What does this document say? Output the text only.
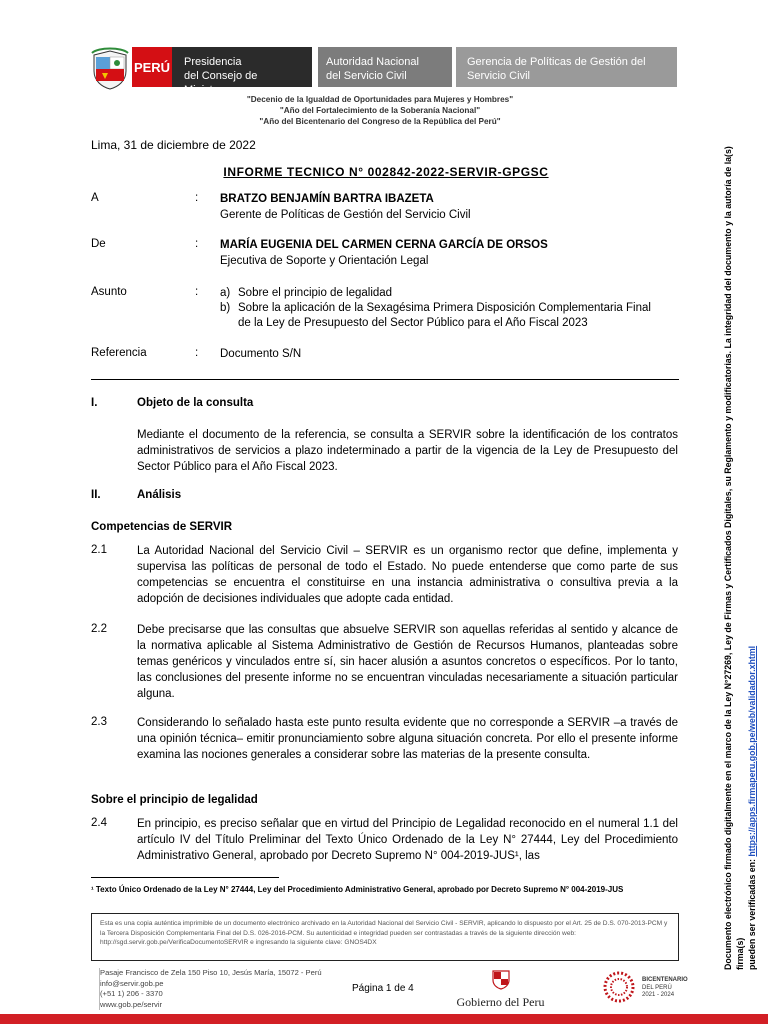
PERÚ Presidencia
del Consejo de Ministros
Autoridad Nacional
del Servicio Civil
Gerencia de Políticas de Gestión del
Servicio Civil
"Decenio de la Igualdad de Oportunidades para Mujeres y Hombres"
"Año del Fortalecimiento de la Soberanía Nacional"
"Año del Bicentenario del Congreso de la República del Perú"
Lima, 31 de diciembre de 2022
INFORME TECNICO N° 002842-2022-SERVIR-GPGSC
A	: BRATZO BENJAMÍN BARTRA IBAZETA
Gerente de Políticas de Gestión del Servicio Civil
De	: MARÍA EUGENIA DEL CARMEN CERNA GARCÍA DE ORSOS
Ejecutiva de Soporte y Orientación Legal
Asunto	: a) Sobre el principio de legalidad
b) Sobre la aplicación de la Sexagésima Primera Disposición Complementaria Final
de la Ley de Presupuesto del Sector Público para el Año Fiscal 2023
Referencia	: Documento S/N
I.	Objeto de la consulta
Mediante el documento de la referencia, se consulta a SERVIR sobre la identificación de los contratos administrativos de servicios a plazo indeterminado a partir de la vigencia de la Ley de Presupuesto del Sector Público para el Año Fiscal 2023.
II.	Análisis
Competencias de SERVIR
2.1	La Autoridad Nacional del Servicio Civil – SERVIR es un organismo rector que define, implementa y supervisa las políticas de personal de todo el Estado. No puede entenderse que como parte de sus competencias se encuentra el constituirse en una instancia administrativa o consultiva previa a la adopción de decisiones individuales que adopte cada entidad.
2.2	Debe precisarse que las consultas que absuelve SERVIR son aquellas referidas al sentido y alcance de la normativa aplicable al Sistema Administrativo de Gestión de Recursos Humanos, planteadas sobre temas genéricos y vinculados entre sí, sin hacer alusión a asuntos concretos o específicos. Por lo tanto, las conclusiones del presente informe no se encuentran vinculadas necesariamente a situación particular alguna.
2.3	Considerando lo señalado hasta este punto resulta evidente que no corresponde a SERVIR –a través de una opinión técnica– emitir pronunciamiento sobre alguna situación concreta. Por ello el presente informe examina las nociones generales a considerar sobre las materias de la presente consulta.
Sobre el principio de legalidad
2.4	En principio, es preciso señalar que en virtud del Principio de Legalidad reconocido en el numeral 1.1 del artículo IV del Título Preliminar del Texto Único Ordenado de la Ley N° 27444, Ley del Procedimiento Administrativo General, aprobado por Decreto Supremo N° 004-2019-JUS¹, las
¹ Texto Único Ordenado de la Ley N° 27444, Ley del Procedimiento Administrativo General, aprobado por Decreto Supremo N° 004-2019-JUS
Esta es una copia auténtica imprimible de un documento electrónico archivado en la Autoridad Nacional del Servicio Civil - SERVIR, aplicando lo dispuesto por el Art. 25 de D.S. 070-2013-PCM y la Tercera Disposición Complementaria Final del D.S. 026-2016-PCM. Su autenticidad e integridad pueden ser contrastadas a través de la siguiente dirección web: http://sgd.servir.gob.pe/VerificaDocumentoSERVIR e ingresando la siguiente clave: GNOS4DX
Pasaje Francisco de Zela 150 Piso 10, Jesús María, 15072 - Perú
info@servir.gob.pe
(+51 1) 206 - 3370
www.gob.pe/servir
Página 1 de 4
Gobierno del Peru
BICENTENARIO
DEL PERÚ
2021 - 2024
Documento electrónico firmado digitalmente en el marco de la Ley N°27269, Ley de Firmas y Certificados Digitales, su Reglamento y modificatorias. La integridad del documento y la autoría de la(s) firma(s) pueden ser verificadas en: https://apps.firmaperu.gob.pe/web/validador.xhtml
